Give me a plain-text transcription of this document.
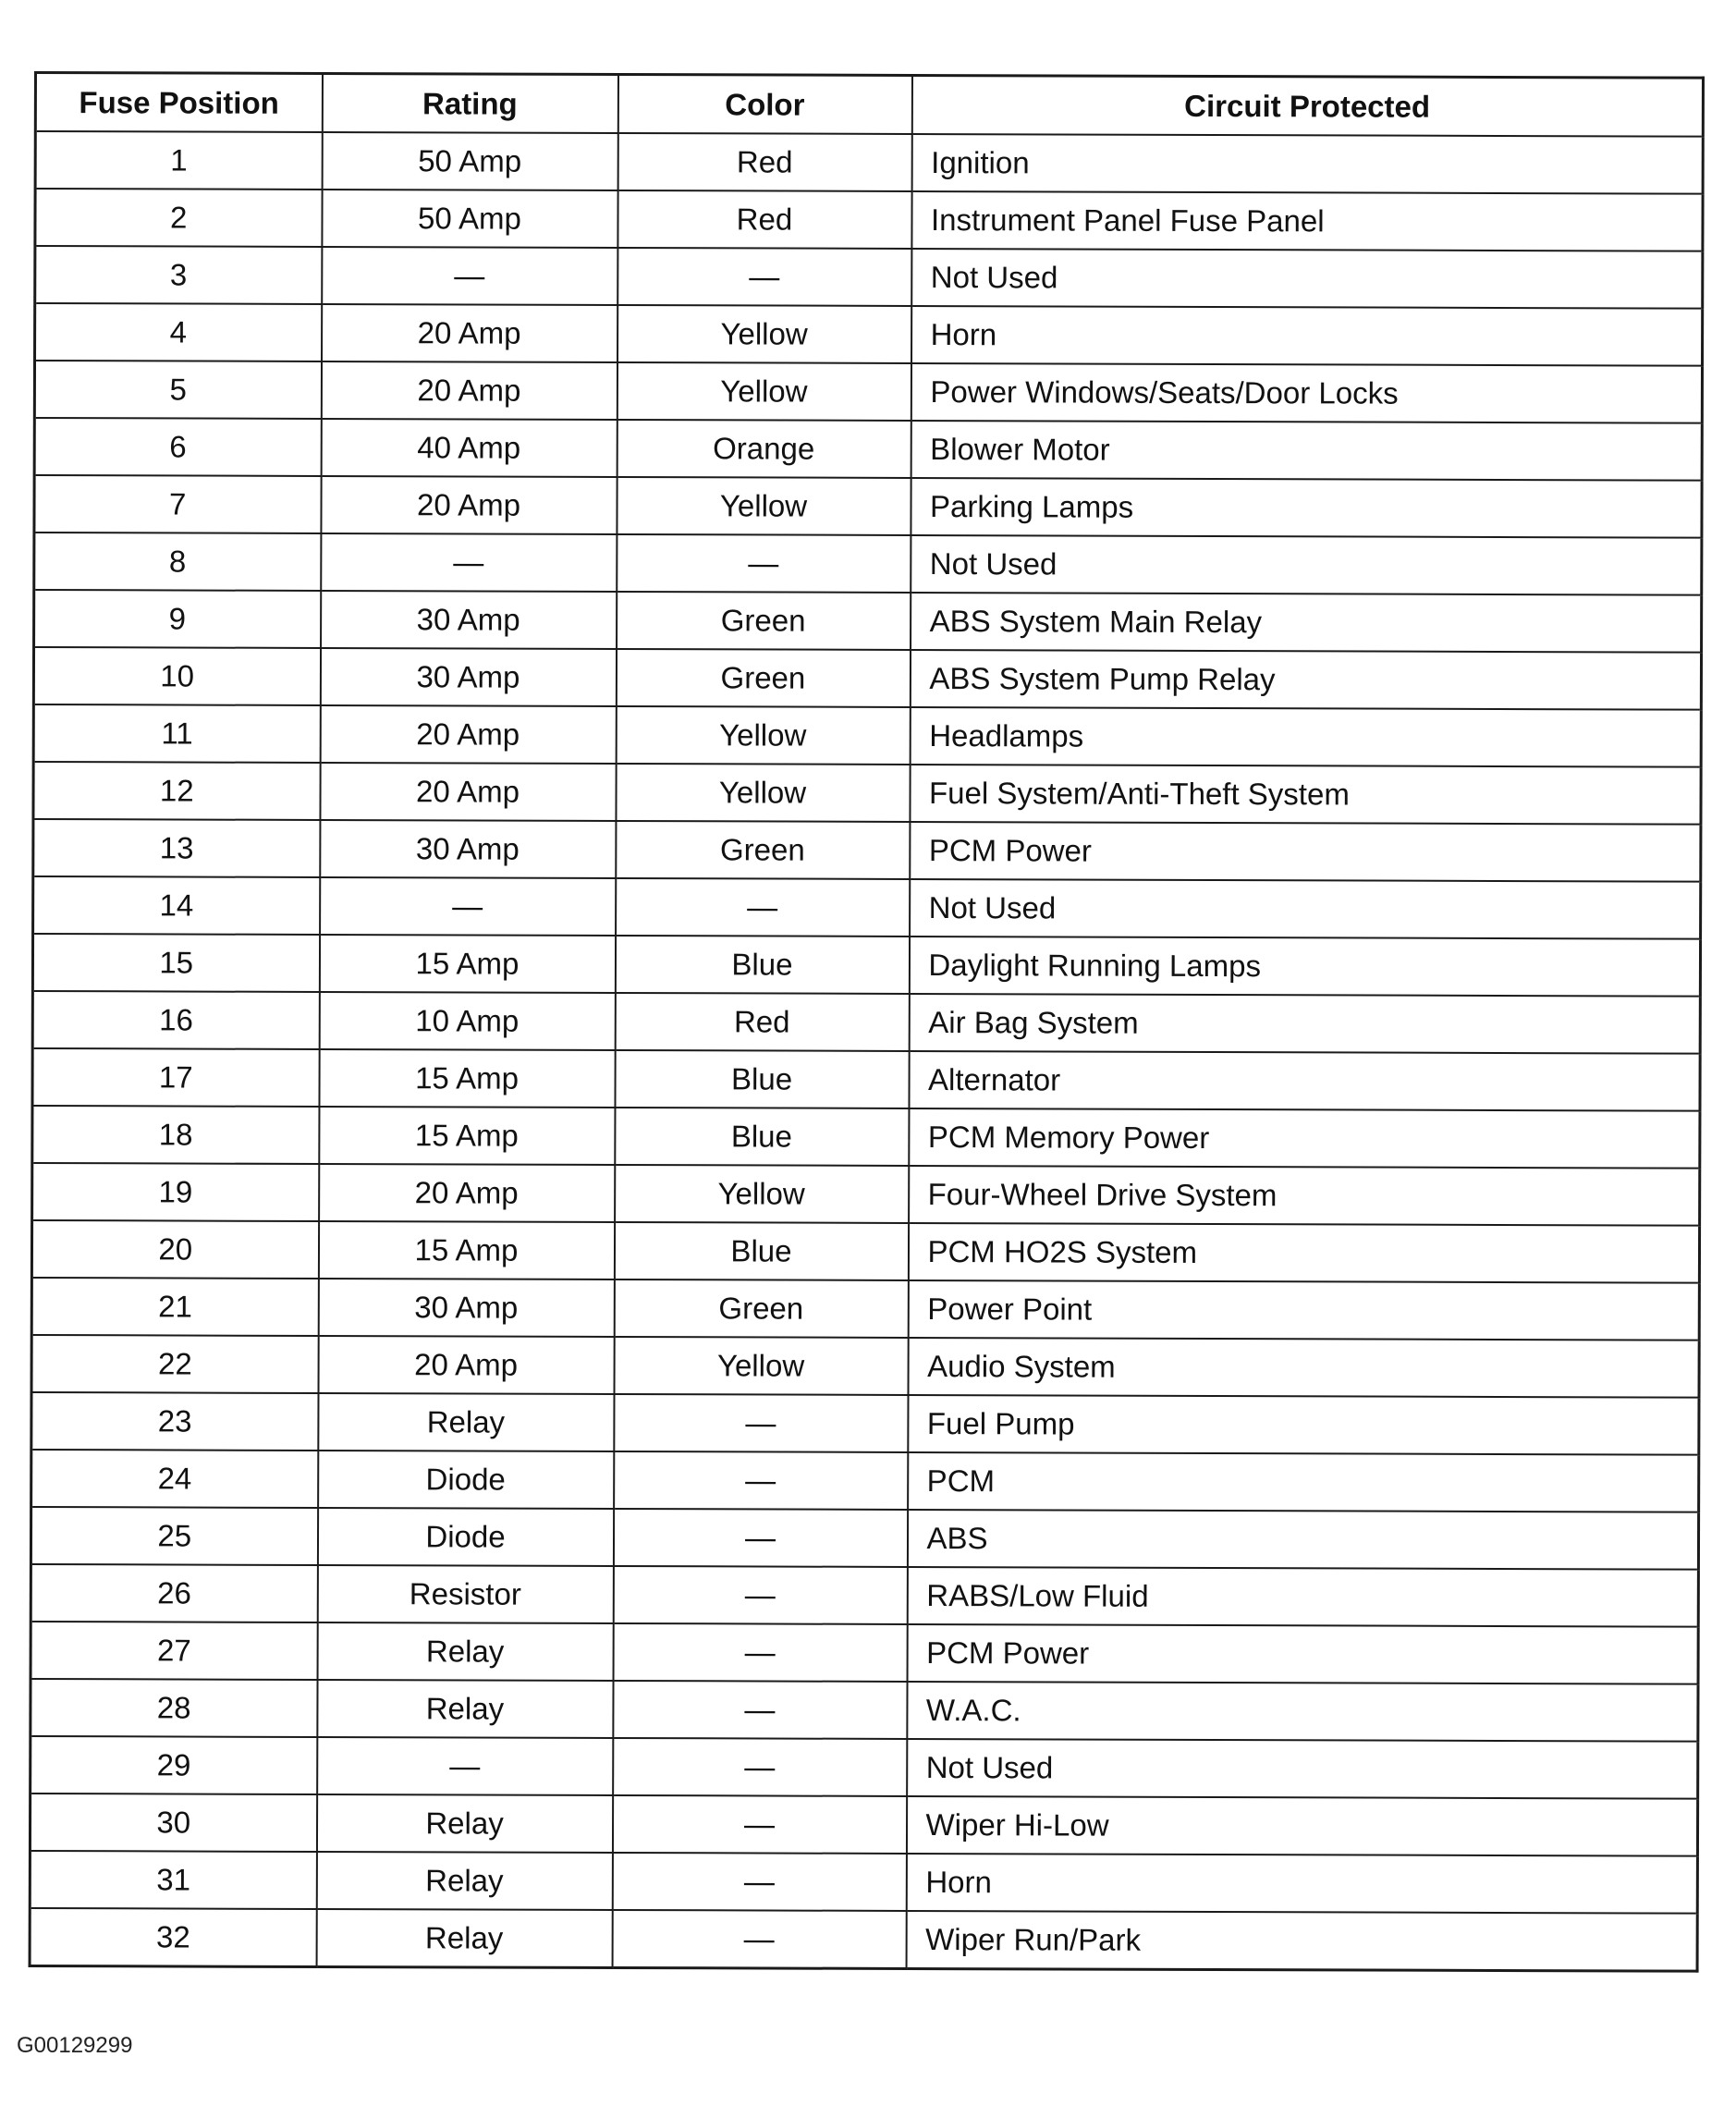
Fuse Position	Rating	Color	Circuit Protected
1	50 Amp	Red	Ignition
2	50 Amp	Red	Instrument Panel Fuse Panel
3	—	—	Not Used
4	20 Amp	Yellow	Horn
5	20 Amp	Yellow	Power Windows/Seats/Door Locks
6	40 Amp	Orange	Blower Motor
7	20 Amp	Yellow	Parking Lamps
8	—	—	Not Used
9	30 Amp	Green	ABS System Main Relay
10	30 Amp	Green	ABS System Pump Relay
11	20 Amp	Yellow	Headlamps
12	20 Amp	Yellow	Fuel System/Anti-Theft System
13	30 Amp	Green	PCM Power
14	—	—	Not Used
15	15 Amp	Blue	Daylight Running Lamps
16	10 Amp	Red	Air Bag System
17	15 Amp	Blue	Alternator
18	15 Amp	Blue	PCM Memory Power
19	20 Amp	Yellow	Four-Wheel Drive System
20	15 Amp	Blue	PCM HO2S System
21	30 Amp	Green	Power Point
22	20 Amp	Yellow	Audio System
23	Relay	—	Fuel Pump
24	Diode	—	PCM
25	Diode	—	ABS
26	Resistor	—	RABS/Low Fluid
27	Relay	—	PCM Power
28	Relay	—	W.A.C.
29	—	—	Not Used
30	Relay	—	Wiper Hi-Low
31	Relay	—	Horn
32	Relay	—	Wiper Run/Park
G00129299
